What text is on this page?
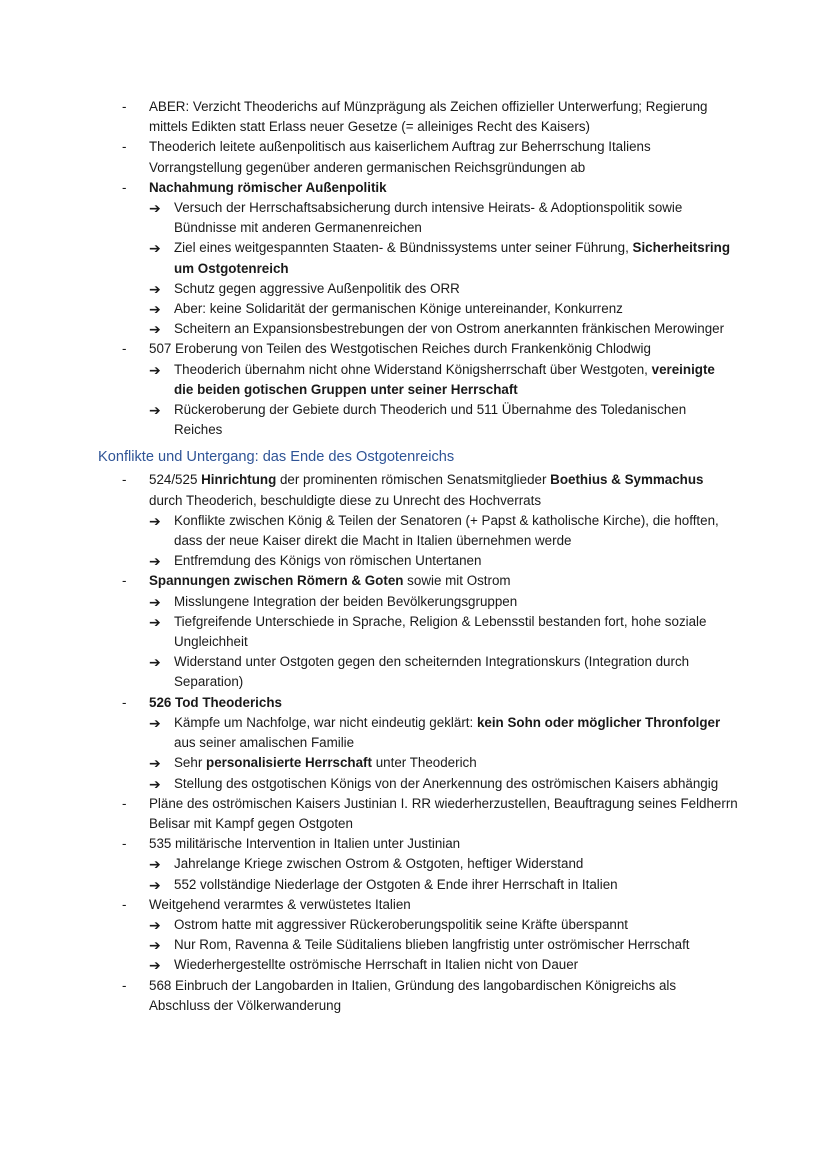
- ABER: Verzicht Theoderichs auf Münzprägung als Zeichen offizieller Unterwerfung; Regierung mittels Edikten statt Erlass neuer Gesetze (= alleiniges Recht des Kaisers)
- Theoderich leitete außenpolitisch aus kaiserlichem Auftrag zur Beherrschung Italiens Vorrangstellung gegenüber anderen germanischen Reichsgründungen ab
- Nachahmung römischer Außenpolitik
➔ Versuch der Herrschaftsabsicherung durch intensive Heirats- & Adoptionspolitik sowie Bündnisse mit anderen Germanenreichen
➔ Ziel eines weitgespannten Staaten- & Bündnissystems unter seiner Führung, Sicherheitsring um Ostgotenreich
➔ Schutz gegen aggressive Außenpolitik des ORR
➔ Aber: keine Solidarität der germanischen Könige untereinander, Konkurrenz
➔ Scheitern an Expansionsbestrebungen der von Ostrom anerkannten fränkischen Merowinger
- 507 Eroberung von Teilen des Westgotischen Reiches durch Frankenkönig Chlodwig
➔ Theoderich übernahm nicht ohne Widerstand Königsherrschaft über Westgoten, vereinigte die beiden gotischen Gruppen unter seiner Herrschaft
➔ Rückeroberung der Gebiete durch Theoderich und 511 Übernahme des Toledanischen Reiches
Konflikte und Untergang: das Ende des Ostgotenreichs
- 524/525 Hinrichtung der prominenten römischen Senatsmitglieder Boethius & Symmachus durch Theoderich, beschuldigte diese zu Unrecht des Hochverrats
➔ Konflikte zwischen König & Teilen der Senatoren (+ Papst & katholische Kirche), die hofften, dass der neue Kaiser direkt die Macht in Italien übernehmen werde
➔ Entfremdung des Königs von römischen Untertanen
- Spannungen zwischen Römern & Goten sowie mit Ostrom
➔ Misslungene Integration der beiden Bevölkerungsgruppen
➔ Tiefgreifende Unterschiede in Sprache, Religion & Lebensstil bestanden fort, hohe soziale Ungleichheit
➔ Widerstand unter Ostgoten gegen den scheiternden Integrationskurs (Integration durch Separation)
- 526 Tod Theoderichs
➔ Kämpfe um Nachfolge, war nicht eindeutig geklärt: kein Sohn oder möglicher Thronfolger aus seiner amalischen Familie
➔ Sehr personalisierte Herrschaft unter Theoderich
➔ Stellung des ostgotischen Königs von der Anerkennung des oströmischen Kaisers abhängig
- Pläne des oströmischen Kaisers Justinian I. RR wiederherzustellen, Beauftragung seines Feldherrn Belisar mit Kampf gegen Ostgoten
- 535 militärische Intervention in Italien unter Justinian
➔ Jahrelange Kriege zwischen Ostrom & Ostgoten, heftiger Widerstand
➔ 552 vollständige Niederlage der Ostgoten & Ende ihrer Herrschaft in Italien
- Weitgehend verarmtes & verwüstetes Italien
➔ Ostrom hatte mit aggressiver Rückeroberungspolitik seine Kräfte überspannt
➔ Nur Rom, Ravenna & Teile Süditaliens blieben langfristig unter oströmischer Herrschaft
➔ Wiederhergestellte oströmische Herrschaft in Italien nicht von Dauer
- 568 Einbruch der Langobarden in Italien, Gründung des langobardischen Königreichs als Abschluss der Völkerwanderung
